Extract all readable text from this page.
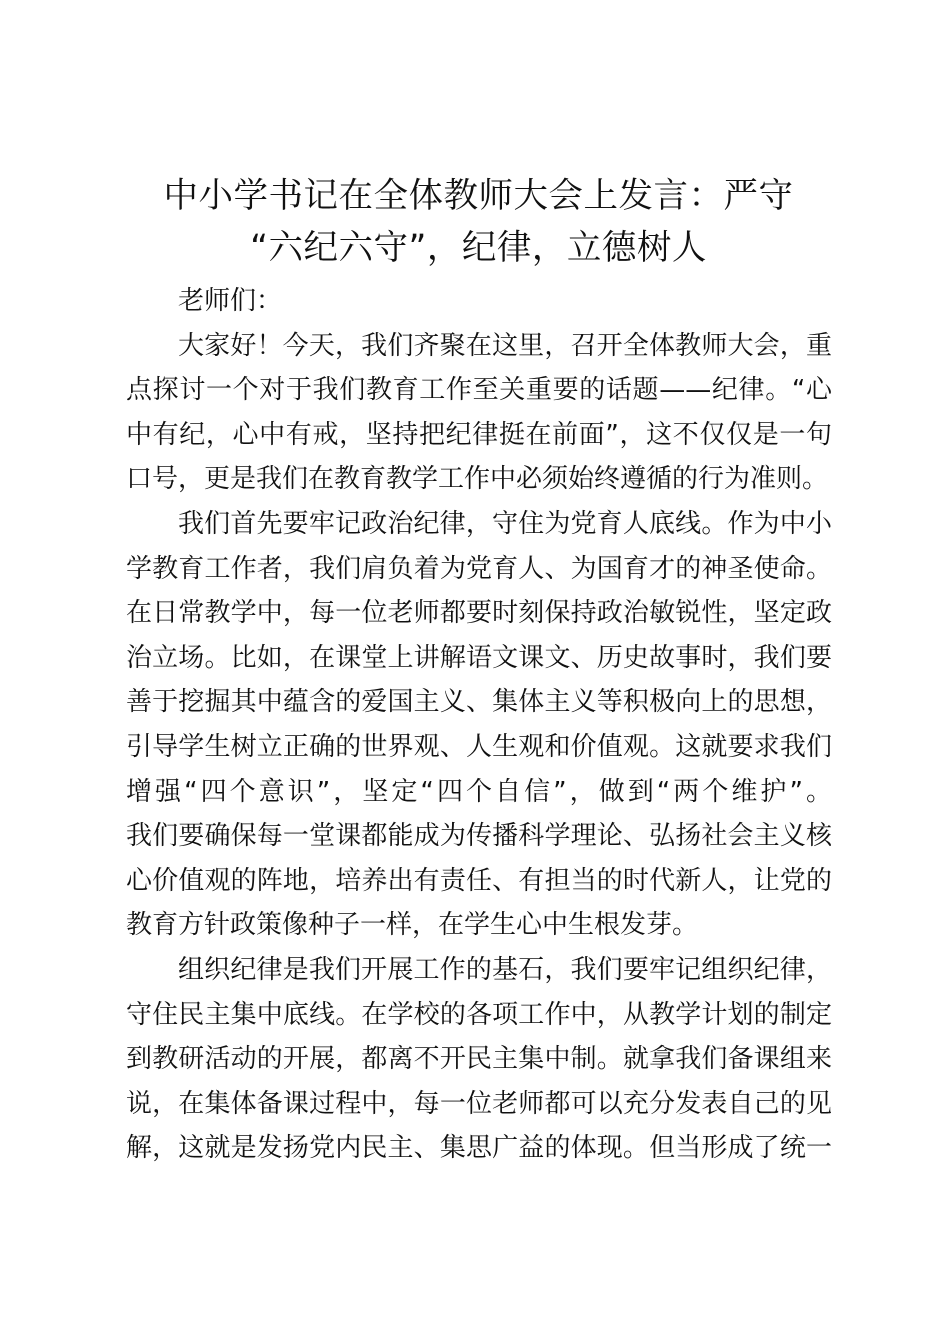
中小学书记在全体教师大会上发言：严守
“六纪六守”，纪律，立德树人

老师们：

大家好！今天，我们齐聚在这里，召开全体教师大会，重
点探讨一个对于我们教育工作至关重要的话题——纪律。“心
中有纪，心中有戒，坚持把纪律挺在前面”，这不仅仅是一句
口号，更是我们在教育教学工作中必须始终遵循的行为准则。

我们首先要牢记政治纪律，守住为党育人底线。作为中小
学教育工作者，我们肩负着为党育人、为国育才的神圣使命。
在日常教学中，每一位老师都要时刻保持政治敏锐性，坚定政
治立场。比如，在课堂上讲解语文课文、历史故事时，我们要
善于挖掘其中蕴含的爱国主义、集体主义等积极向上的思想，
引导学生树立正确的世界观、人生观和价值观。这就要求我们
增强“四个意识”，坚定“四个自信”，做到“两个维护”。
我们要确保每一堂课都能成为传播科学理论、弘扬社会主义核
心价值观的阵地，培养出有责任、有担当的时代新人，让党的
教育方针政策像种子一样，在学生心中生根发芽。

组织纪律是我们开展工作的基石，我们要牢记组织纪律，
守住民主集中底线。在学校的各项工作中，从教学计划的制定
到教研活动的开展，都离不开民主集中制。就拿我们备课组来
说，在集体备课过程中，每一位老师都可以充分发表自己的见
解，这就是发扬党内民主、集思广益的体现。但当形成了统一
